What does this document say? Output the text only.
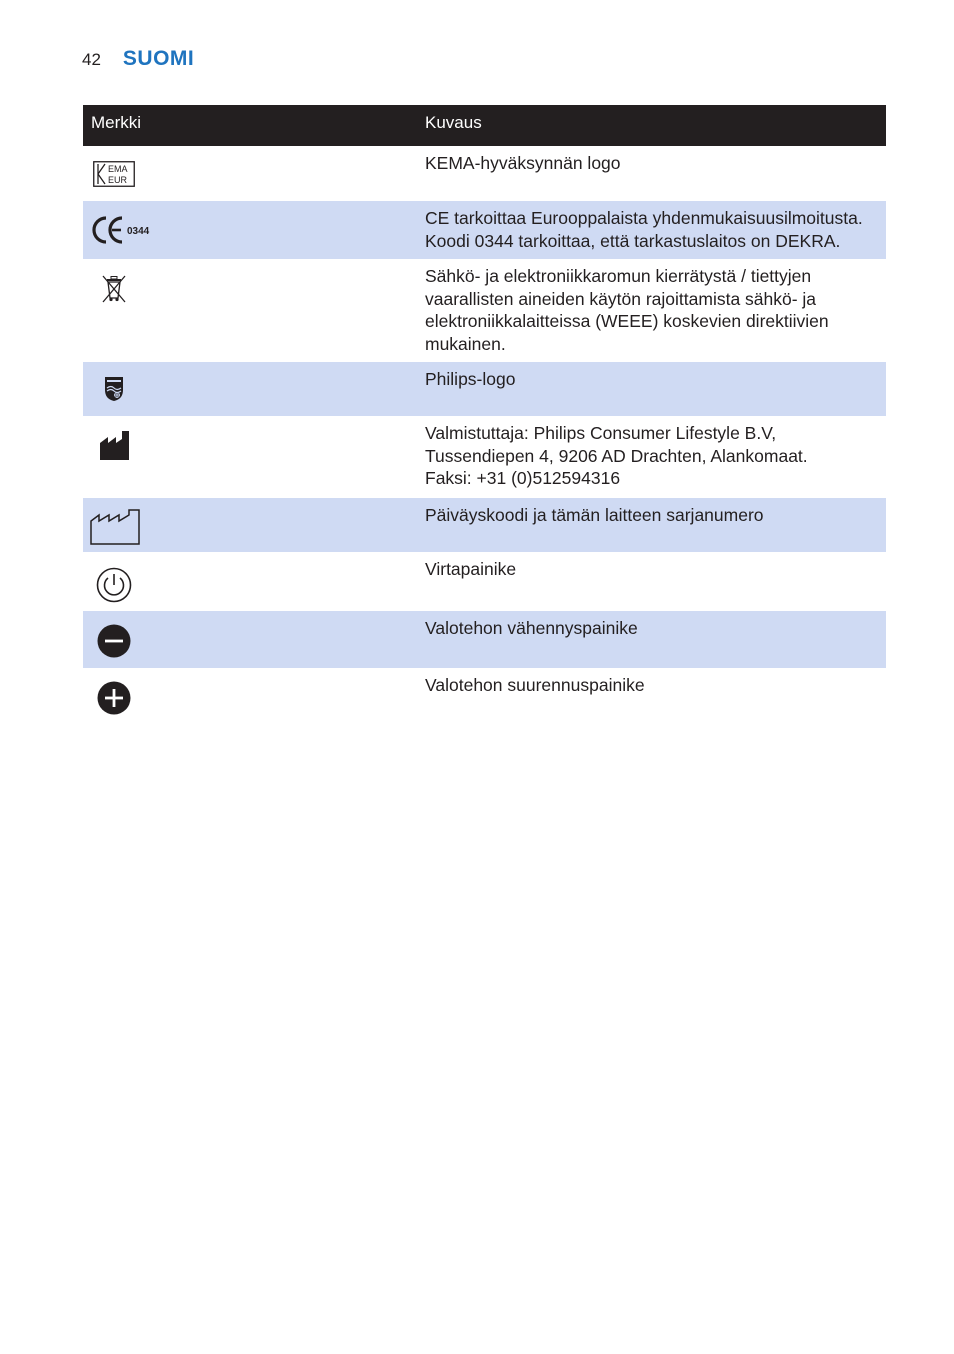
42 SUOMI
Merkki	Kuvaus
EMA
EUR
KEMA-hyväksynnän logo
0344
CE tarkoittaa Eurooppalaista yhdenmukaisuusilmoitusta.
Koodi 0344 tarkoittaa, että tarkastuslaitos on DEKRA.
Sähkö- ja elektroniikkaromun kierrätystä / tiettyjen
vaarallisten aineiden käytön rajoittamista sähkö- ja
elektroniikkalaitteissa (WEEE) koskevien direktiivien
mukainen.
Philips-logo
Valmistuttaja: Philips Consumer Lifestyle B.V,
Tussendiepen 4, 9206 AD Drachten, Alankomaat.
Faksi: +31 (0)512594316
Päiväyskoodi ja tämän laitteen sarjanumero
Virtapainike
Valotehon vähennyspainike
Valotehon suurennuspainike
